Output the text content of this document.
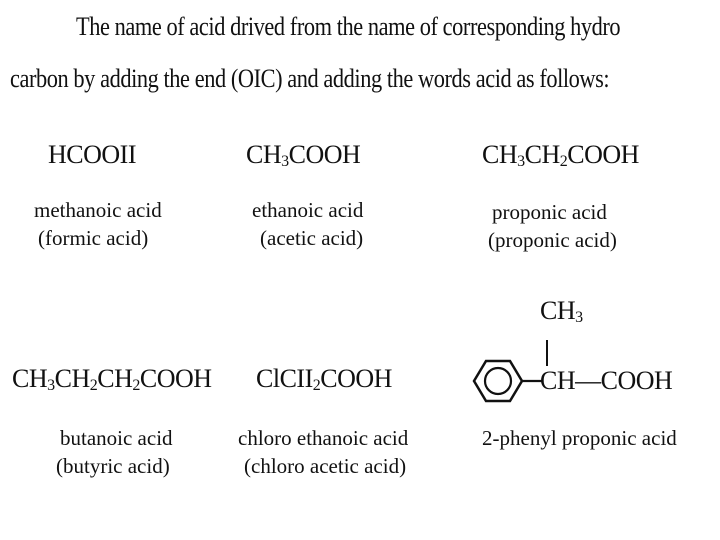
The name of acid drived from the name of corresponding hydro
carbon by adding the end (OIC) and adding the words acid as follows:
HCOOII
methanoic acid
(formic acid)
$CH_3COOH$
ethanoic acid
(acetic acid)
$CH_3CH_2COOH$
proponic acid
(proponic acid)
$CH_3CH_2CH_2COOH$
butanoic acid
(butyric acid)
ClCII$_2$COOH
chloro ethanoic acid
(chloro acetic acid)
$CH_3$
CH—COOH
2-phenyl proponic acid
